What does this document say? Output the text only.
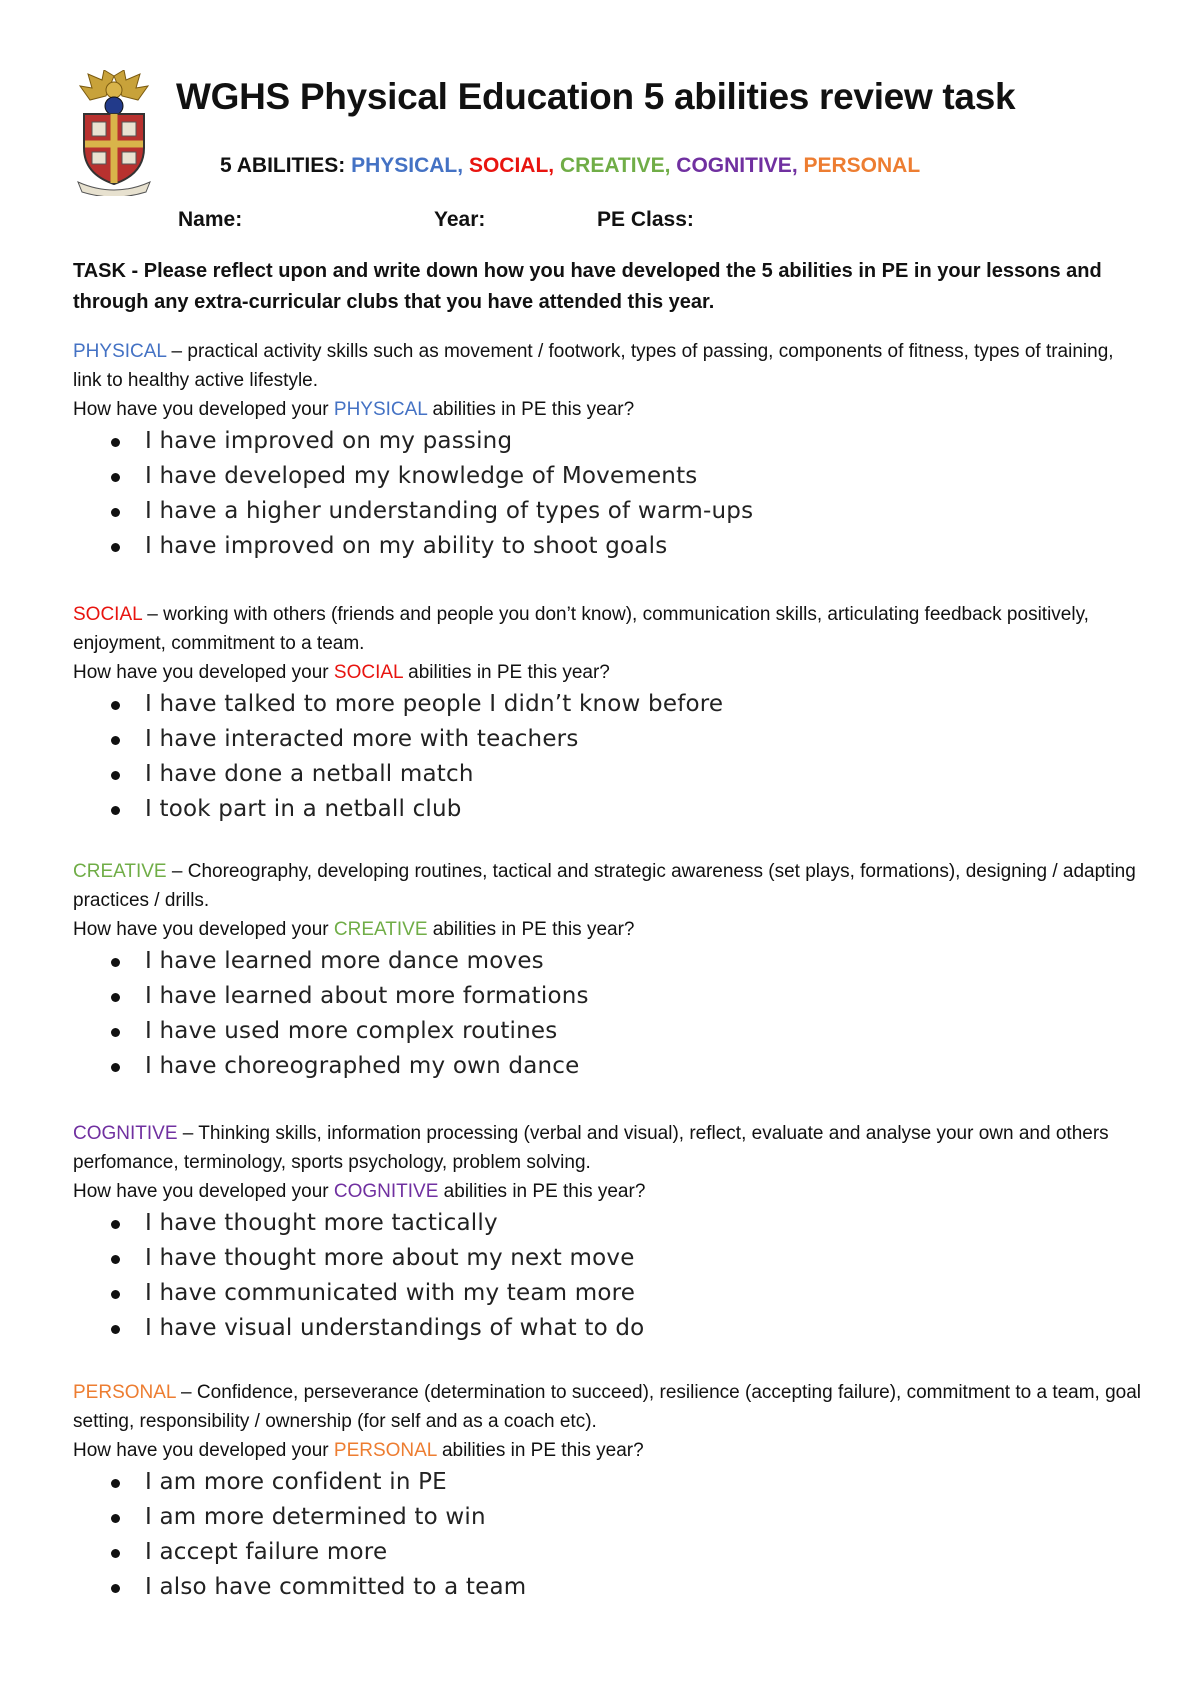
WGHS Physical Education 5 abilities review task
5 ABILITIES: PHYSICAL, SOCIAL, CREATIVE, COGNITIVE, PERSONAL
Name:	Year:	PE Class:

TASK - Please reflect upon and write down how you have developed the 5 abilities in PE in your lessons and through any extra-curricular clubs that you have attended this year.

PHYSICAL – practical activity skills such as movement / footwork, types of passing, components of fitness, types of training, link to healthy active lifestyle.

How have you developed your PHYSICAL abilities in PE this year?

I have improved on my passing
I have developed my knowledge of Movements
I have a higher understanding of types of warm-ups
I have improved on my ability to shoot goals

SOCIAL – working with others (friends and people you don’t know), communication skills, articulating feedback positively, enjoyment, commitment to a team.

How have you developed your SOCIAL abilities in PE this year?

I have talked to more people I didn’t know before
I have interacted more with teachers
I have done a netball match
I took part in a netball club

CREATIVE – Choreography, developing routines, tactical and strategic awareness (set plays, formations), designing / adapting practices / drills.

How have you developed your CREATIVE abilities in PE this year?

I have learned more dance moves
I have learned about more formations
I have used more complex routines
I have choreographed my own dance

COGNITIVE – Thinking skills, information processing (verbal and visual), reflect, evaluate and analyse your own and others perfomance, terminology, sports psychology, problem solving.

How have you developed your COGNITIVE abilities in PE this year?

I have thought more tactically
I have thought more about my next move
I have communicated with my team more
I have visual understandings of what to do

PERSONAL – Confidence, perseverance (determination to succeed), resilience (accepting failure), commitment to a team, goal setting, responsibility / ownership (for self and as a coach etc).

How have you developed your PERSONAL abilities in PE this year?

I am more confident in PE
I am more determined to win
I accept failure more
I also have committed to a team
